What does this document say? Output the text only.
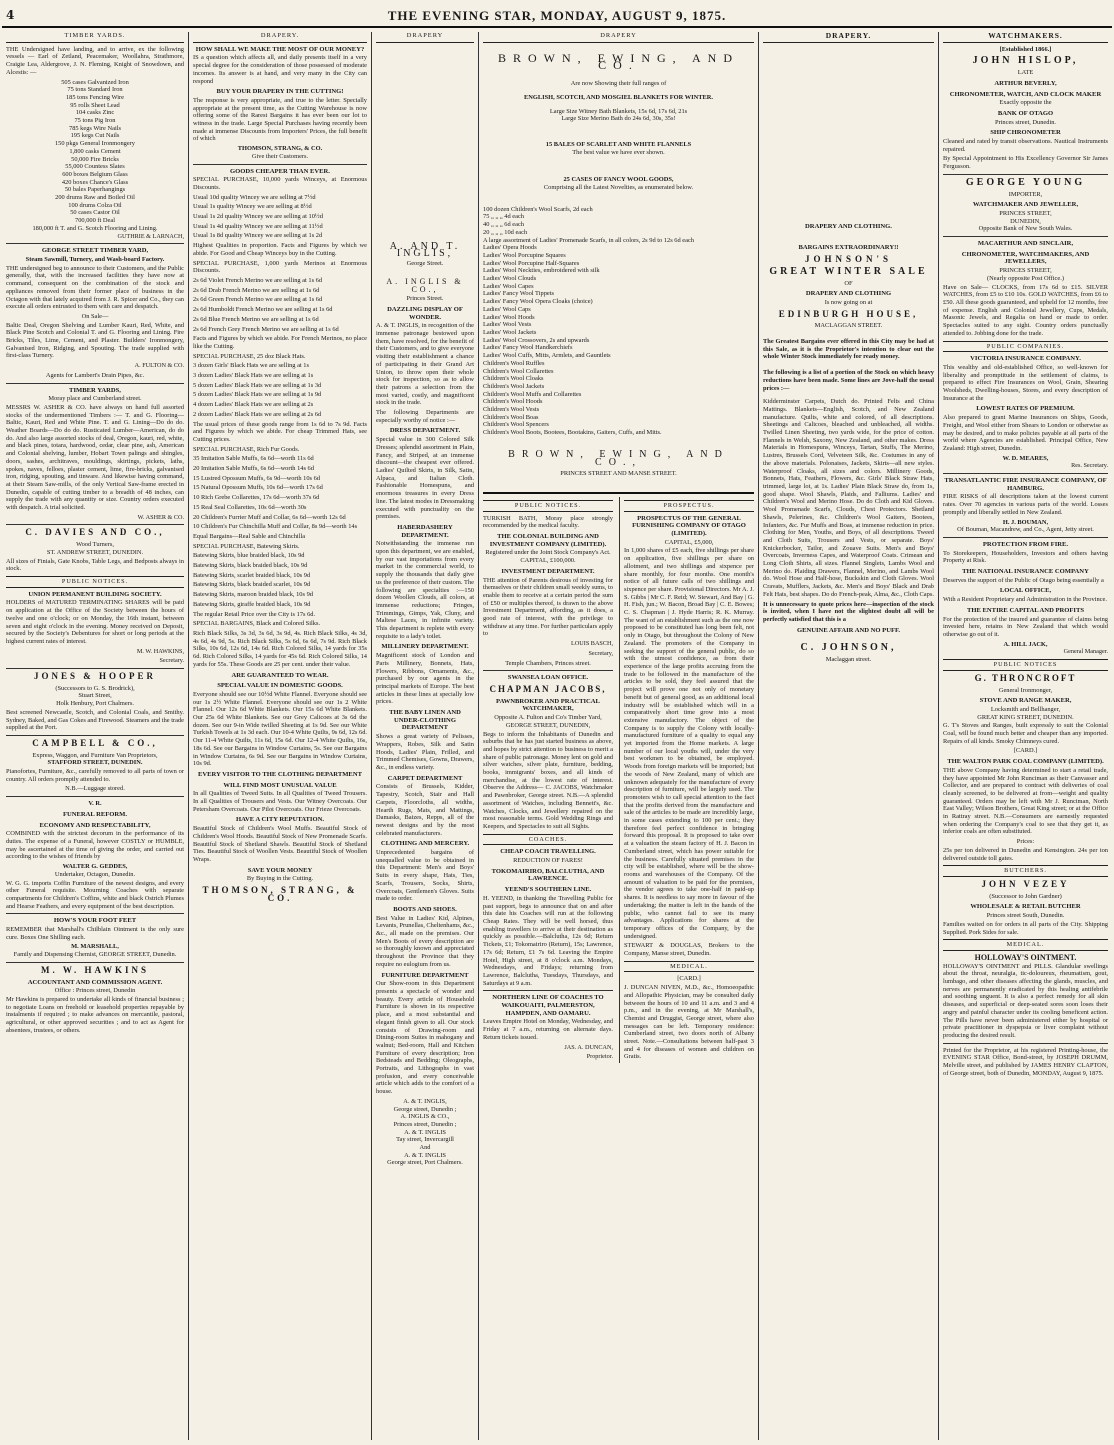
4	THE EVENING STAR, MONDAY, AUGUST 9, 1875.
TIMBER YARDS.
THE Undersigned have landing, and to arrive, ex the following vessels — Earl of Zetland, Peacemaker, Woollahra, Strathmore, Craigie Lea, Aldergrove, J. N. Fleming, Knight of Snowdown, and Alcestis: —
505 cases Galvanized Iron
75 tons Standard Iron
185 tons Fencing Wire
95 rolls Sheet Lead
104 casks Zinc
75 tons Pig Iron
785 kegs Wire Nails
195 kegs Cut Nails
150 pkgs General Ironmongery
1,800 casks Cement
50,000 Fire Bricks
55,000 Countess Slates
600 boxes Belgium Glass
420 boxes Chance's Glass
50 bales Paperhangings
200 drums Raw and Boiled Oil
100 drums Colza Oil
50 cases Castor Oil
700,000 ft Deal
180,000 ft T. and G. Scotch Flooring and Lining.
GUTHRIE & LARNACH,
GEORGE STREET TIMBER YARD,
Steam Sawmill, Turnery, and Wash-board Factory.
THE undersigned beg to announce to their Customers, and the Public generally, that, with the increased facilities they have now at command, consequent on the combination of the stock and appliances removed from their former place of business in the Octagon with that lately acquired from J. R. Spicer and Co., they can execute all orders entrusted to them with care and despatch.
On Sale—
Baltic Deal, Oregon Shelving and Lumber Kauri, Red, White, and Black Pine Scotch and Colonial T. and G. Flooring and Lining. Fire Bricks, Tiles, Lime, Cement, and Plaster. Builders' Ironmongery, Galvanised Iron, Ridging, and Spouting. The trade supplied with first-class Turnery.
A. FULTON & CO.
Agents for Lambert's Drain Pipes, &c.
TIMBER YARDS,
Moray place and Cumberland street.
MESSRS W. ASHER & CO. have always on hand full assorted stocks of the undermentioned Timbers :— T. and G. Flooring—Baltic, Kauri, Red and White Pine. T. and G. Lining—Do do do. Weather Boards—Do do do. Rusticated Lumber—American, do do do. And also large assorted stocks of deal, Oregon, kauri, red, white, and black pines, totara, hardwood, cedar, clear pine, ash, American and Colonial shelving, lumber, Hobart Town palings and shingles, doors, sashes, architraves, mouldings, skirtings, pickets, laths, spokes, naves, felloes, plaster cement, lime, fire-bricks, galvanised iron, ridging, spouting, and tinware. And likewise having command, at their Steam Saw-mills, of the only Vertical Saw-frame erected in Dunedin, capable of cutting timber to a breadth of 48 inches, can supply the trade with any quantity or size. Country orders executed with despatch. A trial solicited.
W. ASHER & CO.
C. DAVIES AND CO.,
Wood Turners,
ST. ANDREW STREET, DUNEDIN.
All sizes of Finials, Gate Knobs, Table Legs, and Bedposts always in stock.
PUBLIC NOTICES.
UNION PERMANENT BUILDING SOCIETY.
HOLDERS of MATURED TERMINATING SHARES will be paid on application at the Office of the Society between the hours of twelve and one o'clock; or on Monday, the 16th instant, between seven and eight o'clock in the evening. Money received on Deposit, secured by the Society's Debentures for short or long periods at the highest current rates of interest.
M. W. HAWKINS,
Secretary.
JONES & HOOPER
(Successors to G. S. Brodrick),
Stuart Street,
Holk Henbury, Port Chalmers.
Best screened Newcastle, Scotch, and Colonial Coals, and Smithy. Sydney, Baked, and Gas Cokes and Firewood. Steamers and the trade supplied at the Port.
CAMPBELL & CO.,
Express, Waggon, and Furniture Van Proprietors,
STAFFORD STREET, DUNEDIN.
Pianofortes, Furniture, &c., carefully removed to all parts of town or country. All orders promptly attended to.
N.B.—Luggage stored.
V. R.
FUNERAL REFORM.
ECONOMY AND RESPECTABILITY,
COMBINED with the strictest decorum in the performance of its duties. The expense of a Funeral, however COSTLY or HUMBLE, may be ascertained at the time of giving the order, and carried out according to the wishes of friends by
WALTER G. GEDDES,
Undertaker, Octagon, Dunedin.
W. G. G. imports Coffin Furniture of the newest designs, and every other Funeral requisite. Mourning Coaches with separate compartments for Children's Coffins, white and black Ostrich Plumes and Hearse Feathers, and every equipment of the best description.
HOW'S YOUR FOOT FEET
REMEMBER that Marshall's Chilblain Ointment is the only sure cure. Boxes One Shilling each.
M. MARSHALL,
Family and Dispensing Chemist, GEORGE STREET, Dunedin.
M. W. HAWKINS
ACCOUNTANT AND COMMISSION AGENT.
Office : Princes street, Dunedin
Mr Hawkins is prepared to undertake all kinds of financial business ; to negotiate Loans on freehold or leasehold properties repayable by instalments if required ; to make advances on mercantile, pastoral, agricultural, or other approved securities ; and to act as Agent for absentees, trustees, or others.
DRAPERY.
HOW SHALL WE MAKE THE MOST OF OUR MONEY?
IS a question which affects all, and daily presents itself in a very special degree for the consideration of those possessed of moderate incomes. Its answer is at hand, and very many in the City can respond
BUY YOUR DRAPERY IN THE CUTTING!
The response is very appropriate, and true to the letter. Specially appropriate at the present time, as the Cutting Warehouse is now offering some of the Rarest Bargains it has ever been our lot to witness in the trade. Large Special Purchases having recently been made at immense Discounts from Importers' Prices, the full benefit of which
THOMSON, STRANG, & CO.
Give their Customers.
GOODS CHEAPER THAN EVER.
SPECIAL PURCHASE, 10,000 yards Winceys, at Enormous Discounts.
Usual 10d quality Wincey we are selling at 7½d
Usual 1s quality Wincey we are selling at 8½d
Usual 1s 2d quality Wincey we are selling at 10½d
Usual 1s 4d quality Wincey we are selling at 11½d
Usual 1s 8d quality Wincey we are selling at 1s 2d
Highest Qualities in proportion. Facts and Figures by which we abide. For Good and Cheap Winceys buy in the Cutting.
SPECIAL PURCHASE, 1,000 yards Merinos at Enormous Discounts.
2s 6d Violet French Merino we are selling at 1s 6d
2s 6d Drab French Merino we are selling at 1s 6d
2s 6d Green French Merino we are selling at 1s 6d
2s 6d Humboldt French Merino we are selling at 1s 6d
2s 6d Blue French Merino we are selling at 1s 6d
2s 6d French Grey French Merino we are selling at 1s 6d
Facts and Figures by which we abide. For French Merinos, no place like the Cutting.
SPECIAL PURCHASE, 25 doz Black Hats.
3 dozen Girls' Black Hats we are selling at 1s
3 dozen Ladies' Black Hats we are selling at 1s
5 dozen Ladies' Black Hats we are selling at 1s 3d
5 dozen Ladies' Black Hats we are selling at 1s 9d
4 dozen Ladies' Black Hats we are selling at 2s
2 dozen Ladies' Black Hats we are selling at 2s 6d
The usual prices of these goods range from 1s 6d to 7s 9d. Facts and Figures by which we abide. For cheap Trimmed Hats, see Cutting prices.
SPECIAL PURCHASE, Rich Fur Goods.
35 Imitation Sable Muffs, 6s 6d—worth 11s 6d
20 Imitation Sable Muffs, 6s 6d—worth 14s 6d
15 Lustred Opossum Muffs, 6s 9d—worth 10s 6d
15 Natural Opossum Muffs, 10s 6d—worth 17s 6d
10 Rich Grebe Collarettes, 17s 6d—worth 37s 6d
15 Real Seal Collarettes, 10s 6d—worth 30s
20 Children's Furrier Muff and Collar, 6s 6d—worth 12s 6d
10 Children's Fur Chinchilla Muff and Collar, 8s 9d—worth 14s
Equal Bargains—Real Sable and Chinchilla
SPECIAL PURCHASE, Batewing Skirts.
Batewing Skirts, blue braided black, 10s 9d
Batewing Skirts, black braided black, 10s 9d
Batewing Skirts, scarlet braided black, 10s 9d
Batewing Skirts, black braided scarlet, 10s 9d
Batewing Skirts, maroon braided black, 10s 9d
Batewing Skirts, giraffe braided black, 10s 9d
The regular Retail Price over the City is 17s 6d.
SPECIAL BARGAINS, Black and Colored Silks.
Rich Black Silks, 3s 3d, 3s 6d, 3s 9d, 4s. Rich Black Silks, 4s 3d, 4s 6d, 4s 9d, 5s. Rich Black Silks, 5s 6d, 6s 6d, 7s 9d. Rich Black Silks, 10s 6d, 12s 6d, 14s 6d. Rich Colored Silks, 14 yards for 35s 6d. Rich Colored Silks, 14 yards for 45s 6d. Rich Colored Silks, 14 yards for 55s. These Goods are 25 per cent. under their value.
ARE GUARANTEED TO WEAR.
SPECIAL VALUE IN DOMESTIC GOODS.
Everyone should see our 10½d White Flannel. Everyone should see our 1s 2½ White Flannel. Everyone should see our 1s 2 White Flannel. Our 12s 6d White Blankets. Our 15s 6d White Blankets. Our 25s 6d White Blankets. See our Grey Calicoes at 3s 6d the dozen. See our 9-in Wide twilled Sheeting at 1s 9d. See our White Turkish Towels at 1s 3d each. Our 10-4 White Quilts, 9s 6d, 12s 6d. Our 11-4 White Quilts, 11s 6d, 15s 6d. Our 12-4 White Quilts, 16s, 18s 6d. See our Bargains in Window Curtains, 5s. See our Bargains in Window Curtains, 6s 9d. See our Bargains in Window Curtains, 10s 9d.
EVERY VISITOR TO THE CLOTHING DEPARTMENT
WILL FIND MOST UNUSUAL VALUE
In all Qualities of Tweed Suits. In all Qualities of Tweed Trousers. In all Qualities of Trousers and Vests. Our Witney Overcoats. Our Petersham Overcoats. Our Pilot Overcoats. Our Frieze Overcoats.
HAVE A CITY REPUTATION.
Beautiful Stock of Children's Wool Muffs. Beautiful Stock of Children's Wool Hoods. Beautiful Stock of New Promenade Scarfs. Beautiful Stock of Shetland Shawls. Beautiful Stock of Shetland Ties. Beautiful Stock of Woollen Vests. Beautiful Stock of Woollen Wraps.
SAVE YOUR MONEY
By Buying in the Cutting.
THOMSON, STRANG, & CO.
DRAPERY
A. AND T. INGLIS,
George Street.
A. INGLIS & CO.,
Princes Street.
DAZZLING DISPLAY OF WONDER.
A. & T. INGLIS, in recognition of the immense patronage bestowed upon them, have resolved, for the benefit of their Customers, and to give everyone visiting their establishment a chance of participating in their Grand Art Union, to throw open their whole stock for inspection, so as to allow their patrons a selection from the most varied, costly, and magnificent stock in the trade.
The following Departments are especially worthy of notice :—
DRESS DEPARTMENT.
Special value in 300 Colored Silk Dresses; splendid assortment in Plain, Fancy, and Striped, at an immense discount—the cheapest ever offered. Ladies' Quilted Skirts, in Silk, Satin, Alpaca, and Italian Cloth. Fashionable Homespuns, and enormous treasures in every Dress line. The latest modes in Dressmaking executed with punctuality on the premises.
HABERDASHERY DEPARTMENT.
Notwithstanding the immense run upon this department, we are enabled, by our vast importations from every market in the commercial world, to supply the thousands that daily give us the preference of their custom. The following are specialties :—150 dozen Woollen Clouds, all colors, at immense reductions; Fringes, Trimmings, Gimps, Yak, Cluny, and Maltese Laces, in infinite variety. This department is replete with every requisite to a lady's toilet.
MILLINERY DEPARTMENT.
Magnificent stock of London and Paris Millinery, Bonnets, Hats, Flowers, Ribbons, Ornaments, &c., purchased by our agents in the principal markets of Europe. The best articles in these lines at specially low prices.
THE BABY LINEN AND UNDER-CLOTHING DEPARTMENT
Shows a great variety of Pelisses, Wrappers, Robes, Silk and Satin Hoods, Ladies' Plain, Frilled, and Trimmed Chemises, Gowns, Drawers, &c., in endless variety.
CARPET DEPARTMENT
Consists of Brussels, Kidder, Tapestry, Scotch, Stair and Hall Carpets, Floorcloths, all widths, Hearth Rugs, Mats, and Mattings, Damasks, Baizes, Repps, all of the newest designs and by the most celebrated manufacturers.
CLOTHING AND MERCERY.
Unprecedented bargains of unequalled value to be obtained in this Department: Men's and Boys' Suits in every shape, Hats, Ties, Scarfs, Trousers, Socks, Shirts, Overcoats, Gentlemen's Gloves. Suits made to order.
BOOTS AND SHOES.
Best Value in Ladies' Kid, Alpines, Levants, Prunellas, Cheltenhams, &c., &c., all made on the premises. Our Men's Boots of every description are so thoroughly known and appreciated throughout the Province that they require no eulogium from us.
FURNITURE DEPARTMENT
Our Show-room in this Department presents a spectacle of wonder and beauty. Every article of Household Furniture is shown in its respective place, and a most substantial and elegant finish given to all. Our stock consists of Drawing-room and Dining-room Suites in mahogany and walnut; Bed-room, Hall and Kitchen Furniture of every description; Iron Bedsteads and Bedding; Oleographs, Portraits, and Lithographs in vast profusion, and every conceivable article which adds to the comfort of a house.
A. & T. INGLIS,
George street, Dunedin ;
A. INGLIS & CO.,
Princes street, Dunedin ;
A. & T. INGLIS
Tay street, Invercargill
And
A. & T. INGLIS
George street, Port Chalmers.
DRAPERY
BROWN, EWING, AND CO.
Are now Showing their full ranges of
ENGLISH, SCOTCH, AND MOSGIEL BLANKETS FOR WINTER.
Large Size Witney Bath Blankets, 15s 6d, 17s 6d, 21s
Large Size Merino Bath do 24s 6d, 30s, 35s!
15 BALES OF SCARLET AND WHITE FLANNELS
The best value we have ever shown.
25 CASES OF FANCY WOOL GOODS,
Comprising all the Latest Novelties, as enumerated below.
100 dozen Children's Wool Scarfs, 2d each
75 „ „ „ 4d each
40 „ „ „ 6d each
20 „ „ „ 10d each
A large assortment of Ladies' Promenade Scarfs, in all colors, 2s 9d to 12s 6d each
Ladies' Opera Hoods
Ladies' Wool Porcupine Squares
Ladies' Wool Porcupine Half-Squares
Ladies' Wool Neckties, embroidered with silk
Ladies' Wool Clouds
Ladies' Wool Capes
Ladies' Fancy Wool Tippets
Ladies' Fancy Wool Opera Cloaks (choice)
Ladies' Wool Caps
Ladies' Wool Hoods
Ladies' Wool Vests
Ladies' Wool Jackets
Ladies' Wool Crossovers, 2s and upwards
Ladies' Fancy Wool Handkerchiefs
Ladies' Wool Cuffs, Mitts, Armlets, and Gauntlets
Children's Wool Ruffles
Children's Wool Collarettes
Children's Wool Cloaks
Children's Wool Jackets
Children's Wool Muffs and Collarettes
Children's Wool Hoods
Children's Wool Vests
Children's Wool Boas
Children's Wool Spencers
Children's Wool Boots, Bootees, Bootakins, Gaiters, Cuffs, and Mitts.
BROWN, EWING, AND CO.,
PRINCES STREET AND MANSE STREET.
PUBLIC NOTICES.
TURKISH BATH, Moray place strongly recommended by the medical faculty.
THE COLONIAL BUILDING AND INVESTMENT COMPANY (LIMITED).
Registered under the Joint Stock Company's Act.
CAPITAL, £100,000.
INVESTMENT DEPARTMENT.
THE attention of Parents desirous of investing for themselves or their children small weekly sums, to enable them to receive at a certain period the sum of £50 or multiples thereof, is drawn to the above Investment Department, affording, as it does, a good rate of interest, with the privilege to withdraw at any time. For further particulars apply to
LOUIS BASCH,
Secretary,
Temple Chambers, Princes street.
SWANSEA LOAN OFFICE.
CHAPMAN JACOBS,
PAWNBROKER AND PRACTICAL WATCHMAKER,
Opposite A. Fulton and Co's Timber Yard, GEORGE STREET, DUNEDIN,
Begs to inform the Inhabitants of Dunedin and suburbs that he has just started business as above, and hopes by strict attention to business to merit a share of public patronage. Money lent on gold and silver watches, silver plate, furniture, bedding, books, immigrants' boxes, and all kinds of merchandise, at the lowest rate of interest. Observe the Address— C. JACOBS, Watchmaker and Pawnbroker, George street. N.B.—A splendid assortment of Watches, including Bennett's, &c. Watches, Clocks, and Jewellery repaired on the most reasonable terms. Gold Wedding Rings and Keepers, and Spectacles to suit all Sights.
COACHES.
CHEAP COACH TRAVELLING.
REDUCTION OF FARES!
TOKOMAIRIRO, BALCLUTHA, AND LAWRENCE.
YEEND'S SOUTHERN LINE.
H. YEEND, in thanking the Travelling Public for past support, begs to announce that on and after this date his Coaches will run at the following Cheap Rates. They will be well horsed, thus enabling travellers to arrive at their destination as quickly as possible.—Balclutha, 12s 6d; Return Tickets, £1; Tokomairiro (Return), 15s; Lawrence, 17s 6d; Return, £1 7s 6d. Leaving the Empire Hotel, High street, at 8 o'clock a.m. Mondays, Wednesdays, and Fridays; returning from Lawrence, Balclutha, Tuesdays, Thursdays, and Saturdays at 9 a.m.
NORTHERN LINE OF COACHES TO WAIKOUAITI, PALMERSTON, HAMPDEN, AND OAMARU.
Leaves Empire Hotel on Monday, Wednesday, and Friday at 7 a.m., returning on alternate days. Return tickets issued.
JAS. A. DUNCAN,
Proprietor.
PROSPECTUS.
PROSPECTUS OF THE GENERAL FURNISHING COMPANY OF OTAGO (LIMITED).
CAPITAL, £5,000,
In 1,000 shares of £5 each, five shillings per share on application, five shillings per share on allotment, and two shillings and sixpence per share monthly, for four months. One month's notice of all future calls of two shillings and sixpence per share. Provisional Directors. Mr A. J. S. Gibbs | Mr C. F. Reid; W. Stewart, And Bay | G. H. Fish, jun.; W. Bacon, Broad Bay | C. E. Bowes; C. S. Chapman | J. Hyde Harris; R. K. Murray. The want of an establishment such as the one now proposed to be constituted has long been felt, not only in Otago, but throughout the Colony of New Zealand. The promoters of the Company in seeking the support of the general public, do so with the utmost confidence, as from their experience of the large profits accruing from the trade to be followed in the manufacture of the articles to be sold, they feel assured that the project will prove one not only of monetary benefit but of general good, as an additional local industry will be established which will in a comparatively short time grow into a most extensive manufactory. The object of the Company is to supply the Colony with locally-manufactured furniture of a quality to equal any yet imported from the Home markets. A large number of our local youths will, under the very best workmen to be obtained, be employed. Woods from foreign markets will be imported; but the woods of New Zealand, many of which are unknown adequately for the manufacture of every description of furniture, will be largely used. The promoters wish to call special attention to the fact that the profits derived from the manufacture and sale of the articles to be made are incredibly large, in some cases extending to 100 per cent.; they therefore feel perfect confidence in bringing forward this proposal. It is proposed to take over at a valuation the steam factory of H. J. Bacon in Cumberland street, which has power suitable for the business. Carefully situated premises in the city will be established, where will be the show-rooms and warehouses of the Company. Of the amount of valuation to be paid for the premises, the vendor agrees to take one-half in paid-up shares. It is needless to say more in favour of the undertaking; the matter is left in the hands of the public, who cannot fail to see its many advantages. Applications for shares at the temporary offices of the Company, by the undersigned.
STEWART & DOUGLAS, Brokers to the Company, Manse street, Dunedin.
MEDICAL.
[CARD.]
J. DUNCAN NIVEN, M.D., &c., Homoeopathic and Allopathic Physician, may be consulted daily between the hours of 10 and 11 a.m. and 3 and 4 p.m., and in the evening, at Mr Marshall's, Chemist and Druggist, George street, where also messages can be left. Temporary residence: Cumberland street, two doors north of Albany street. Note.—Consultations between half-past 3 and 4 for diseases of women and children on Gratis.
DRAPERY.
DRAPERY AND CLOTHING.
BARGAINS EXTRAORDINARY!!
JOHNSON'S
GREAT WINTER SALE
OF
DRAPERY AND CLOTHING
Is now going on at
EDINBURGH HOUSE,
MACLAGGAN STREET.
The Greatest Bargains ever offered in this City may be had at this Sale, as it is the Proprietor's intention to clear out the whole Winter Stock immediately for ready money.
The following is a list of a portion of the Stock on which heavy reductions have been made. Some lines are Jove-half the usual prices :—
Kidderminster Carpets, Dutch do. Printed Felts and China Mattings. Blankets—English, Scotch, and New Zealand manufacture. Quilts, white and colored, of all descriptions. Sheetings and Calicoes, bleached and unbleached, all widths. Twilled Linen Sheeting, two yards wide, for the price of cotton. Flannels in Welsh, Saxony, New Zealand, and other makes. Dress Materials in Homespuns, Winceys, Tartan, Stuffs, The Merino, Lustres, Brussels Cord, Velveteen Silk, &c. Costumes in any of the above materials. Polonaises, Jackets, Skirts—all new styles. Waterproof Cloaks, all sizes and colors. Millinery Goods, Bonnets, Hats, Feathers, Flowers, &c. Girls' Black Straw Hats, trimmed, large lot, at 1s. Ladies' Plain Black Straw do, from 1s, good shape. Wool Shawls, Plaids, and Falliums. Ladies' and Children's Wool and Merino Hose. Do do Cloth and Kid Gloves. Wool Promenade Scarfs, Clouds, Chest Protectors. Shetland Shawls, Pelerines, &c. Children's Wool Gaiters, Bootees, Infanters, &c. Fur Muffs and Boas, at immense reduction in price. Clothing for Men, Youths, and Boys, of all descriptions. Tweed and Cloth Suits, Trousers and Vests, or separate. Boys' Knickerbocker, Tailor, and Zouave Suits. Men's and Boys' Overcoats, Inverness Capes, and Waterproof Coats. Crimean and Long Cloth Shirts, all sizes. Flannel Singlets, Lambs Wool and Merino do. Plaiding Drawers, Flannel, Merino, and Lambs Wool do. Wool Hose and Half-hose, Buckskin and Cloth Gloves. Wool Cravats, Mufflers, Jackets, &c. Men's and Boys' Black and Drab Felt Hats, best shapes. Do do French-peak, Alma, &c., Cloth Caps.
It is unnecessary to quote prices here—inspection of the stock is invited, when I have not the slightest doubt all will be perfectly satisfied that this is a
GENUINE AFFAIR AND NO PUFF.
C. JOHNSON,
Maclaggan street.
WATCHMAKERS.
[Established 1866.]
JOHN HISLOP,
LATE
ARTHUR BEVERLY,
CHRONOMETER, WATCH, AND CLOCK MAKER
Exactly opposite the
BANK OF OTAGO
Princes street, Dunedin.
SHIP CHRONOMETER
Cleaned and rated by transit observations. Nautical Instruments repaired.
By Special Appointment to His Excellency Governor Sir James Fergusson.
GEORGE YOUNG
IMPORTER,
WATCHMAKER AND JEWELLER,
PRINCES STREET,
DUNEDIN,
Opposite Bank of New South Wales.
MACARTHUR AND SINCLAIR,
CHRONOMETER, WATCHMAKERS, AND JEWELLERS,
PRINCES STREET,
(Nearly opposite Post Office.)
Have on Sale— CLOCKS, from 17s 6d to £15. SILVER WATCHES, from £5 to £10 10s. GOLD WATCHES, from £6 to £50. All these goods guaranteed, and upheld for 12 months, free of expense. English and Colonial Jewellery, Cups, Medals, Masonic Jewels, and Regalia on hand or made to order. Spectacles suited to any sight. Country orders punctually attended to. Jobbing done for the trade.
PUBLIC COMPANIES.
VICTORIA INSURANCE COMPANY.
This wealthy and old-established Office, so well-known for liberality and promptitude in the settlement of claims, is prepared to effect Fire Insurances on Wool, Grain, Shearing Woolsheds, Dwelling-houses, Stores, and every description of Insurance at the
LOWEST RATES OF PREMIUM.
Also prepared to grant Marine Insurances on Ships, Goods, Freight, and Wool either from Shears to London or otherwise as may be desired, and to make policies payable at all parts of the world where Agencies are established. Principal Office, New Zealand: High street, Dunedin.
W. D. MEARES,
Res. Secretary.
TRANSATLANTIC FIRE INSURANCE COMPANY, OF HAMBURG.
FIRE RISKS of all descriptions taken at the lowest current rates. Over 70 agencies in various parts of the world. Losses promptly and liberally settled in New Zealand.
H. J. BOUMAN,
Of Bouman, Macandrew, and Co., Agent, Jetty street.
PROTECTION FROM FIRE.
To Storekeepers, Householders, Investors and others having Property at Risk.
THE NATIONAL INSURANCE COMPANY
Deserves the support of the Public of Otago being essentially a
LOCAL OFFICE,
With a Resident Proprietary and Administration in the Province.
THE ENTIRE CAPITAL AND PROFITS
For the protection of the insured and guarantee of claims being invested here, retains in New Zealand that which would otherwise go out of it.
A. HILL JACK,
General Manager.
PUBLIC NOTICES
G. THRONCROFT
General Ironmonger,
STOVE AND RANGE MAKER,
Locksmith and Bellhanger,
GREAT KING STREET, DUNEDIN.
G. T's Stoves and Ranges, built expressly to suit the Colonial Coal, will be found much better and cheaper than any imported. Repairs of all kinds. Smoky Chimneys cured.
[CARD.]
THE WALTON PARK COAL COMPANY (LIMITED).
THE above Company having determined to start a retail trade, they have appointed Mr John Runciman as their Canvasser and Collector, and are prepared to contract with deliveries of coal cleanly screened, to be delivered at from—weight and quality guaranteed. Orders may be left with Mr J. Runciman, North East Valley; Wilson Brothers, Great King street; or at the Office in Rattray street. N.B.—Consumers are earnestly requested when ordering the Company's coal to see that they get it, as inferior coals are often substituted.
Prices:
25s per ton delivered in Dunedin and Kensington. 24s per ton delivered outside toll gates.
BUTCHERS.
JOHN VEZEY
(Successor to John Gardner)
WHOLESALE & RETAIL BUTCHER
Princes street South, Dunedin.
Families waited on for orders in all parts of the City. Shipping Supplied. Pork Sides for sale.
MEDICAL.
HOLLOWAY'S OINTMENT.
HOLLOWAY'S OINTMENT and PILLS. Glandular swellings about the throat, neuralgia, tic-doloureux, rheumatism, gout, lumbago, and other diseases affecting the glands, muscles, and nerves are permanently eradicated by this healing antifebrile and soothing unguent. It is also a perfect remedy for all skin diseases, and superficial or deep-seated sores soon loses their angry and painful character under its cooling beneficent action. The Pills have never been administered either by hospital or private practitioner in dyspepsia or liver complaint without producing the desired result.
Printed for the Proprietor, at his registered Printing-house, the EVENING STAR Office, Bond-street, by JOSEPH DRUMM, Melville street, and published by JAMES HENRY CLAPTON, of George street, both of Dunedin, MONDAY, August 9, 1875.
